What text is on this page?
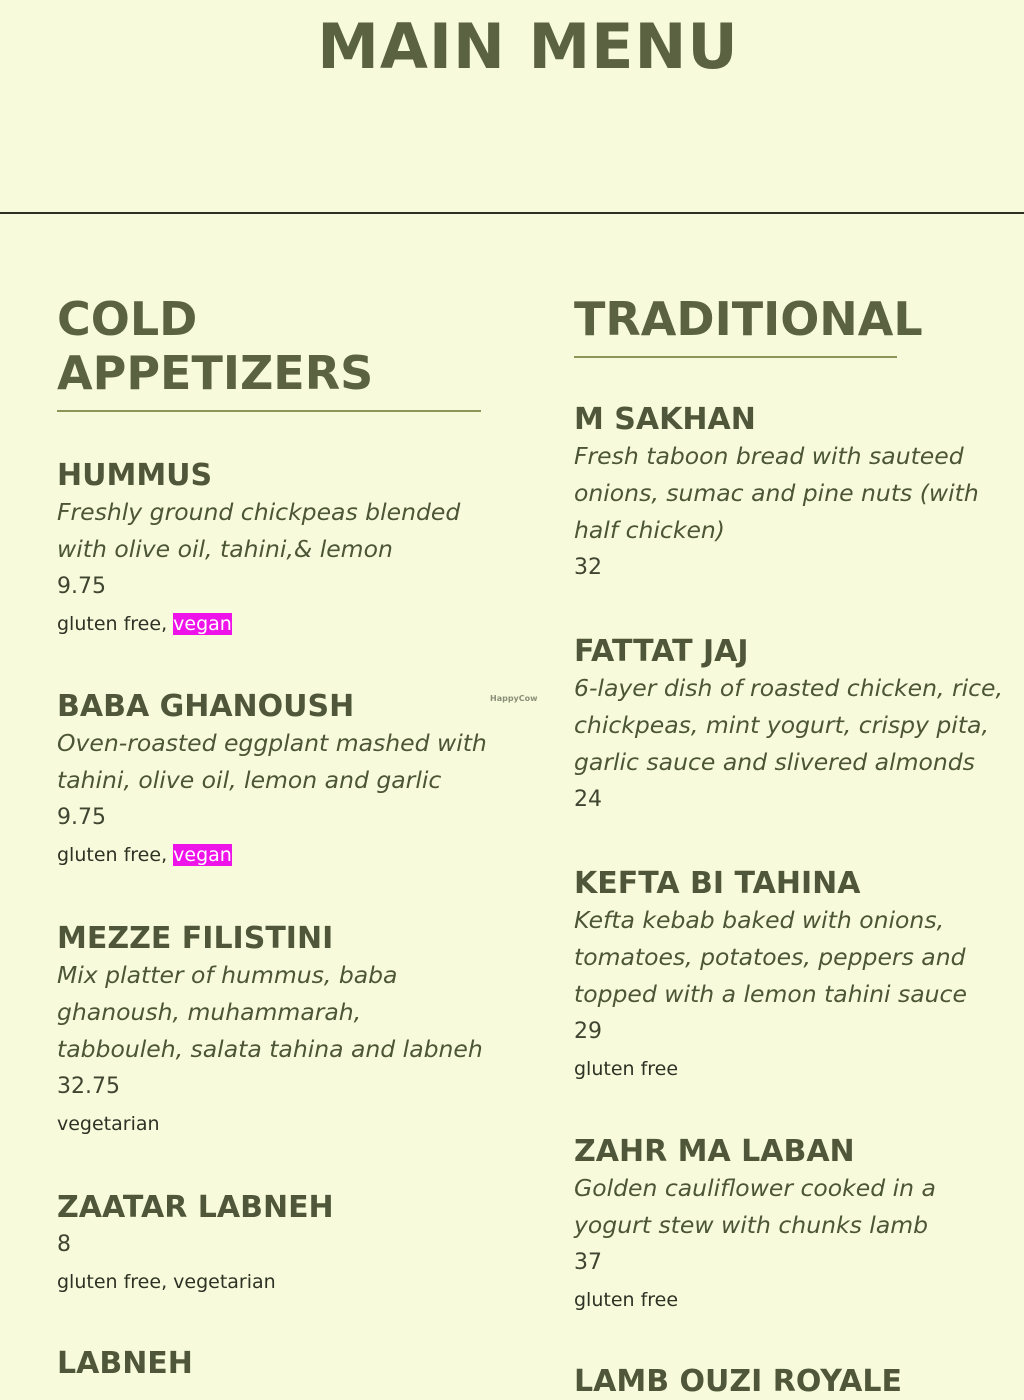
MAIN MENU
HappyCow
COLD
APPETIZERS
HUMMUS
Freshly ground chickpeas blended
with olive oil, tahini,& lemon
9.75
gluten free, vegan
BABA GHANOUSH
Oven-roasted eggplant mashed with
tahini, olive oil, lemon and garlic
9.75
gluten free, vegan
MEZZE FILISTINI
Mix platter of hummus, baba
ghanoush, muhammarah,
tabbouleh, salata tahina and labneh
32.75
vegetarian
ZAATAR LABNEH
8
gluten free, vegetarian
LABNEH
TRADITIONAL
M SAKHAN
Fresh taboon bread with sauteed
onions, sumac and pine nuts (with
half chicken)
32
FATTAT JAJ
6-layer dish of roasted chicken, rice,
chickpeas, mint yogurt, crispy pita,
garlic sauce and slivered almonds
24
KEFTA BI TAHINA
Kefta kebab baked with onions,
tomatoes, potatoes, peppers and
topped with a lemon tahini sauce
29
gluten free
ZAHR MA LABAN
Golden cauliflower cooked in a
yogurt stew with chunks lamb
37
gluten free
LAMB OUZI ROYALE
